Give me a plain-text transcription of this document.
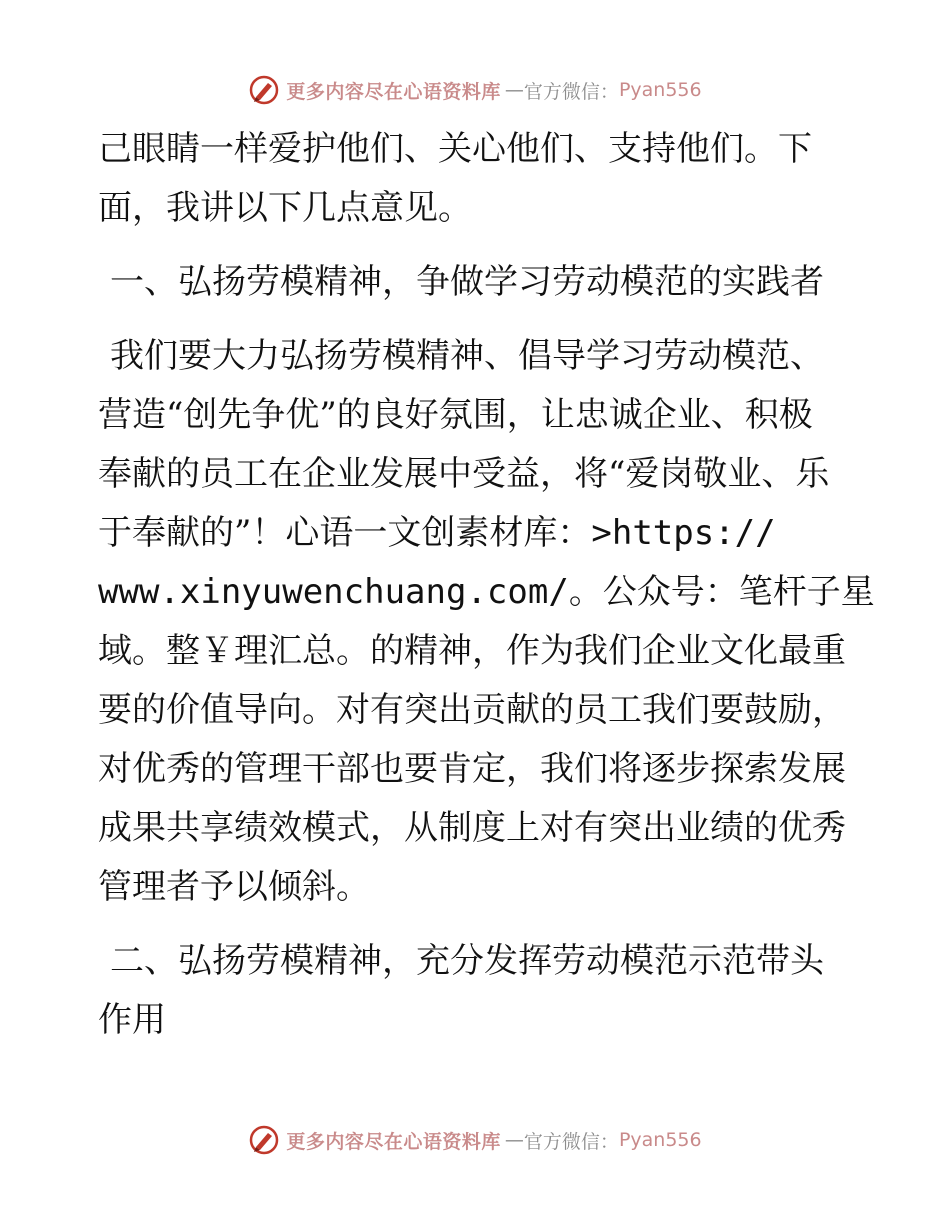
更多内容尽在心语资料库 — 官方微信： Pyan556

己眼睛一样爱护他们、关心他们、支持他们。下

面，我讲以下几点意见。

一、弘扬劳模精神，争做学习劳动模范的实践者

我们要大力弘扬劳模精神、倡导学习劳动模范、

营造“创先争优”的良好氛围，让忠诚企业、积极

奉献的员工在企业发展中受益，将“爱岗敬业、乐

于奉献的”！心语一文创素材库：>https://

www.xinyuwenchuang.com/。公众号：笔杆子星

域。整￥理汇总。的精神，作为我们企业文化最重

要的价值导向。对有突出贡献的员工我们要鼓励，

对优秀的管理干部也要肯定，我们将逐步探索发展

成果共享绩效模式，从制度上对有突出业绩的优秀

管理者予以倾斜。

二、弘扬劳模精神，充分发挥劳动模范示范带头

作用

更多内容尽在心语资料库 — 官方微信： Pyan556
